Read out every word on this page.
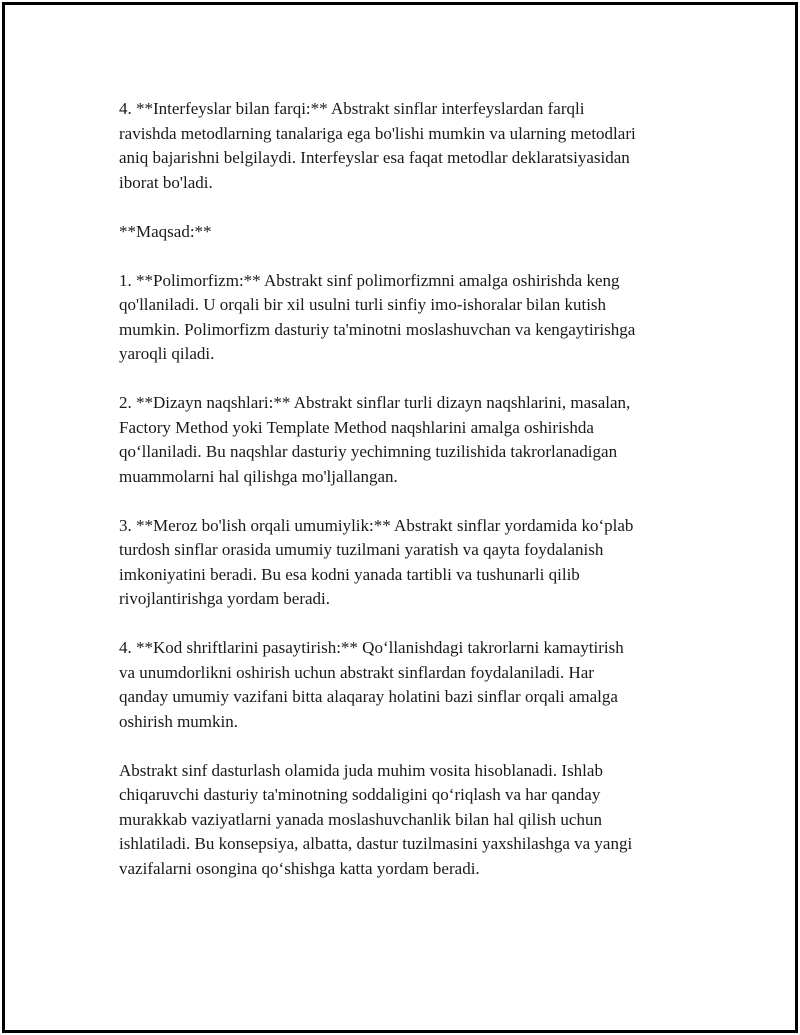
4. **Interfeyslar bilan farqi:** Abstrakt sinflar interfeyslardan farqli
ravishda metodlarning tanalariga ega bo'lishi mumkin va ularning metodlari
aniq bajarishni belgilaydi. Interfeyslar esa faqat metodlar deklaratsiyasidan
iborat bo'ladi.

**Maqsad:**

1. **Polimorfizm:** Abstrakt sinf polimorfizmni amalga oshirishda keng
qo'llaniladi. U orqali bir xil usulni turli sinfiy imo-ishoralar bilan kutish
mumkin. Polimorfizm dasturiy ta'minotni moslashuvchan va kengaytirishga
yaroqli qiladi.

2. **Dizayn naqshlari:** Abstrakt sinflar turli dizayn naqshlarini, masalan,
Factory Method yoki Template Method naqshlarini amalga oshirishda
qo‘llaniladi. Bu naqshlar dasturiy yechimning tuzilishida takrorlanadigan
muammolarni hal qilishga mo'ljallangan.

3. **Meroz bo'lish orqali umumiylik:** Abstrakt sinflar yordamida ko‘plab
turdosh sinflar orasida umumiy tuzilmani yaratish va qayta foydalanish
imkoniyatini beradi. Bu esa kodni yanada tartibli va tushunarli qilib
rivojlantirishga yordam beradi.

4. **Kod shriftlarini pasaytirish:** Qo‘llanishdagi takrorlarni kamaytirish
va unumdorlikni oshirish uchun abstrakt sinflardan foydalaniladi. Har
qanday umumiy vazifani bitta alaqaray holatini bazi sinflar orqali amalga
oshirish mumkin.

Abstrakt sinf dasturlash olamida juda muhim vosita hisoblanadi. Ishlab
chiqaruvchi dasturiy ta'minotning soddaligini qo‘riqlash va har qanday
murakkab vaziyatlarni yanada moslashuvchanlik bilan hal qilish uchun
ishlatiladi. Bu konsepsiya, albatta, dastur tuzilmasini yaxshilashga va yangi
vazifalarni osongina qo‘shishga katta yordam beradi.
